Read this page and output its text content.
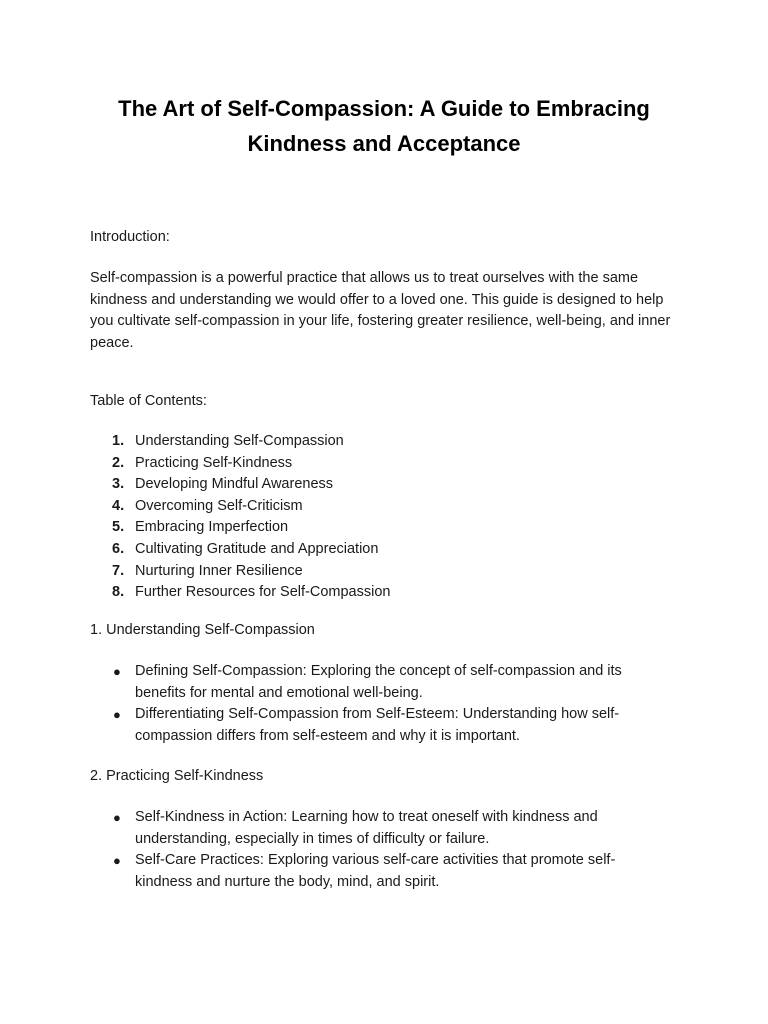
The Art of Self-Compassion: A Guide to Embracing Kindness and Acceptance

Introduction:

Self-compassion is a powerful practice that allows us to treat ourselves with the same kindness and understanding we would offer to a loved one. This guide is designed to help you cultivate self-compassion in your life, fostering greater resilience, well-being, and inner peace.

Table of Contents:

1. Understanding Self-Compassion
2. Practicing Self-Kindness
3. Developing Mindful Awareness
4. Overcoming Self-Criticism
5. Embracing Imperfection
6. Cultivating Gratitude and Appreciation
7. Nurturing Inner Resilience
8. Further Resources for Self-Compassion

1. Understanding Self-Compassion

● Defining Self-Compassion: Exploring the concept of self-compassion and its benefits for mental and emotional well-being.
● Differentiating Self-Compassion from Self-Esteem: Understanding how self-compassion differs from self-esteem and why it is important.

2. Practicing Self-Kindness

● Self-Kindness in Action: Learning how to treat oneself with kindness and understanding, especially in times of difficulty or failure.
● Self-Care Practices: Exploring various self-care activities that promote self-kindness and nurture the body, mind, and spirit.
